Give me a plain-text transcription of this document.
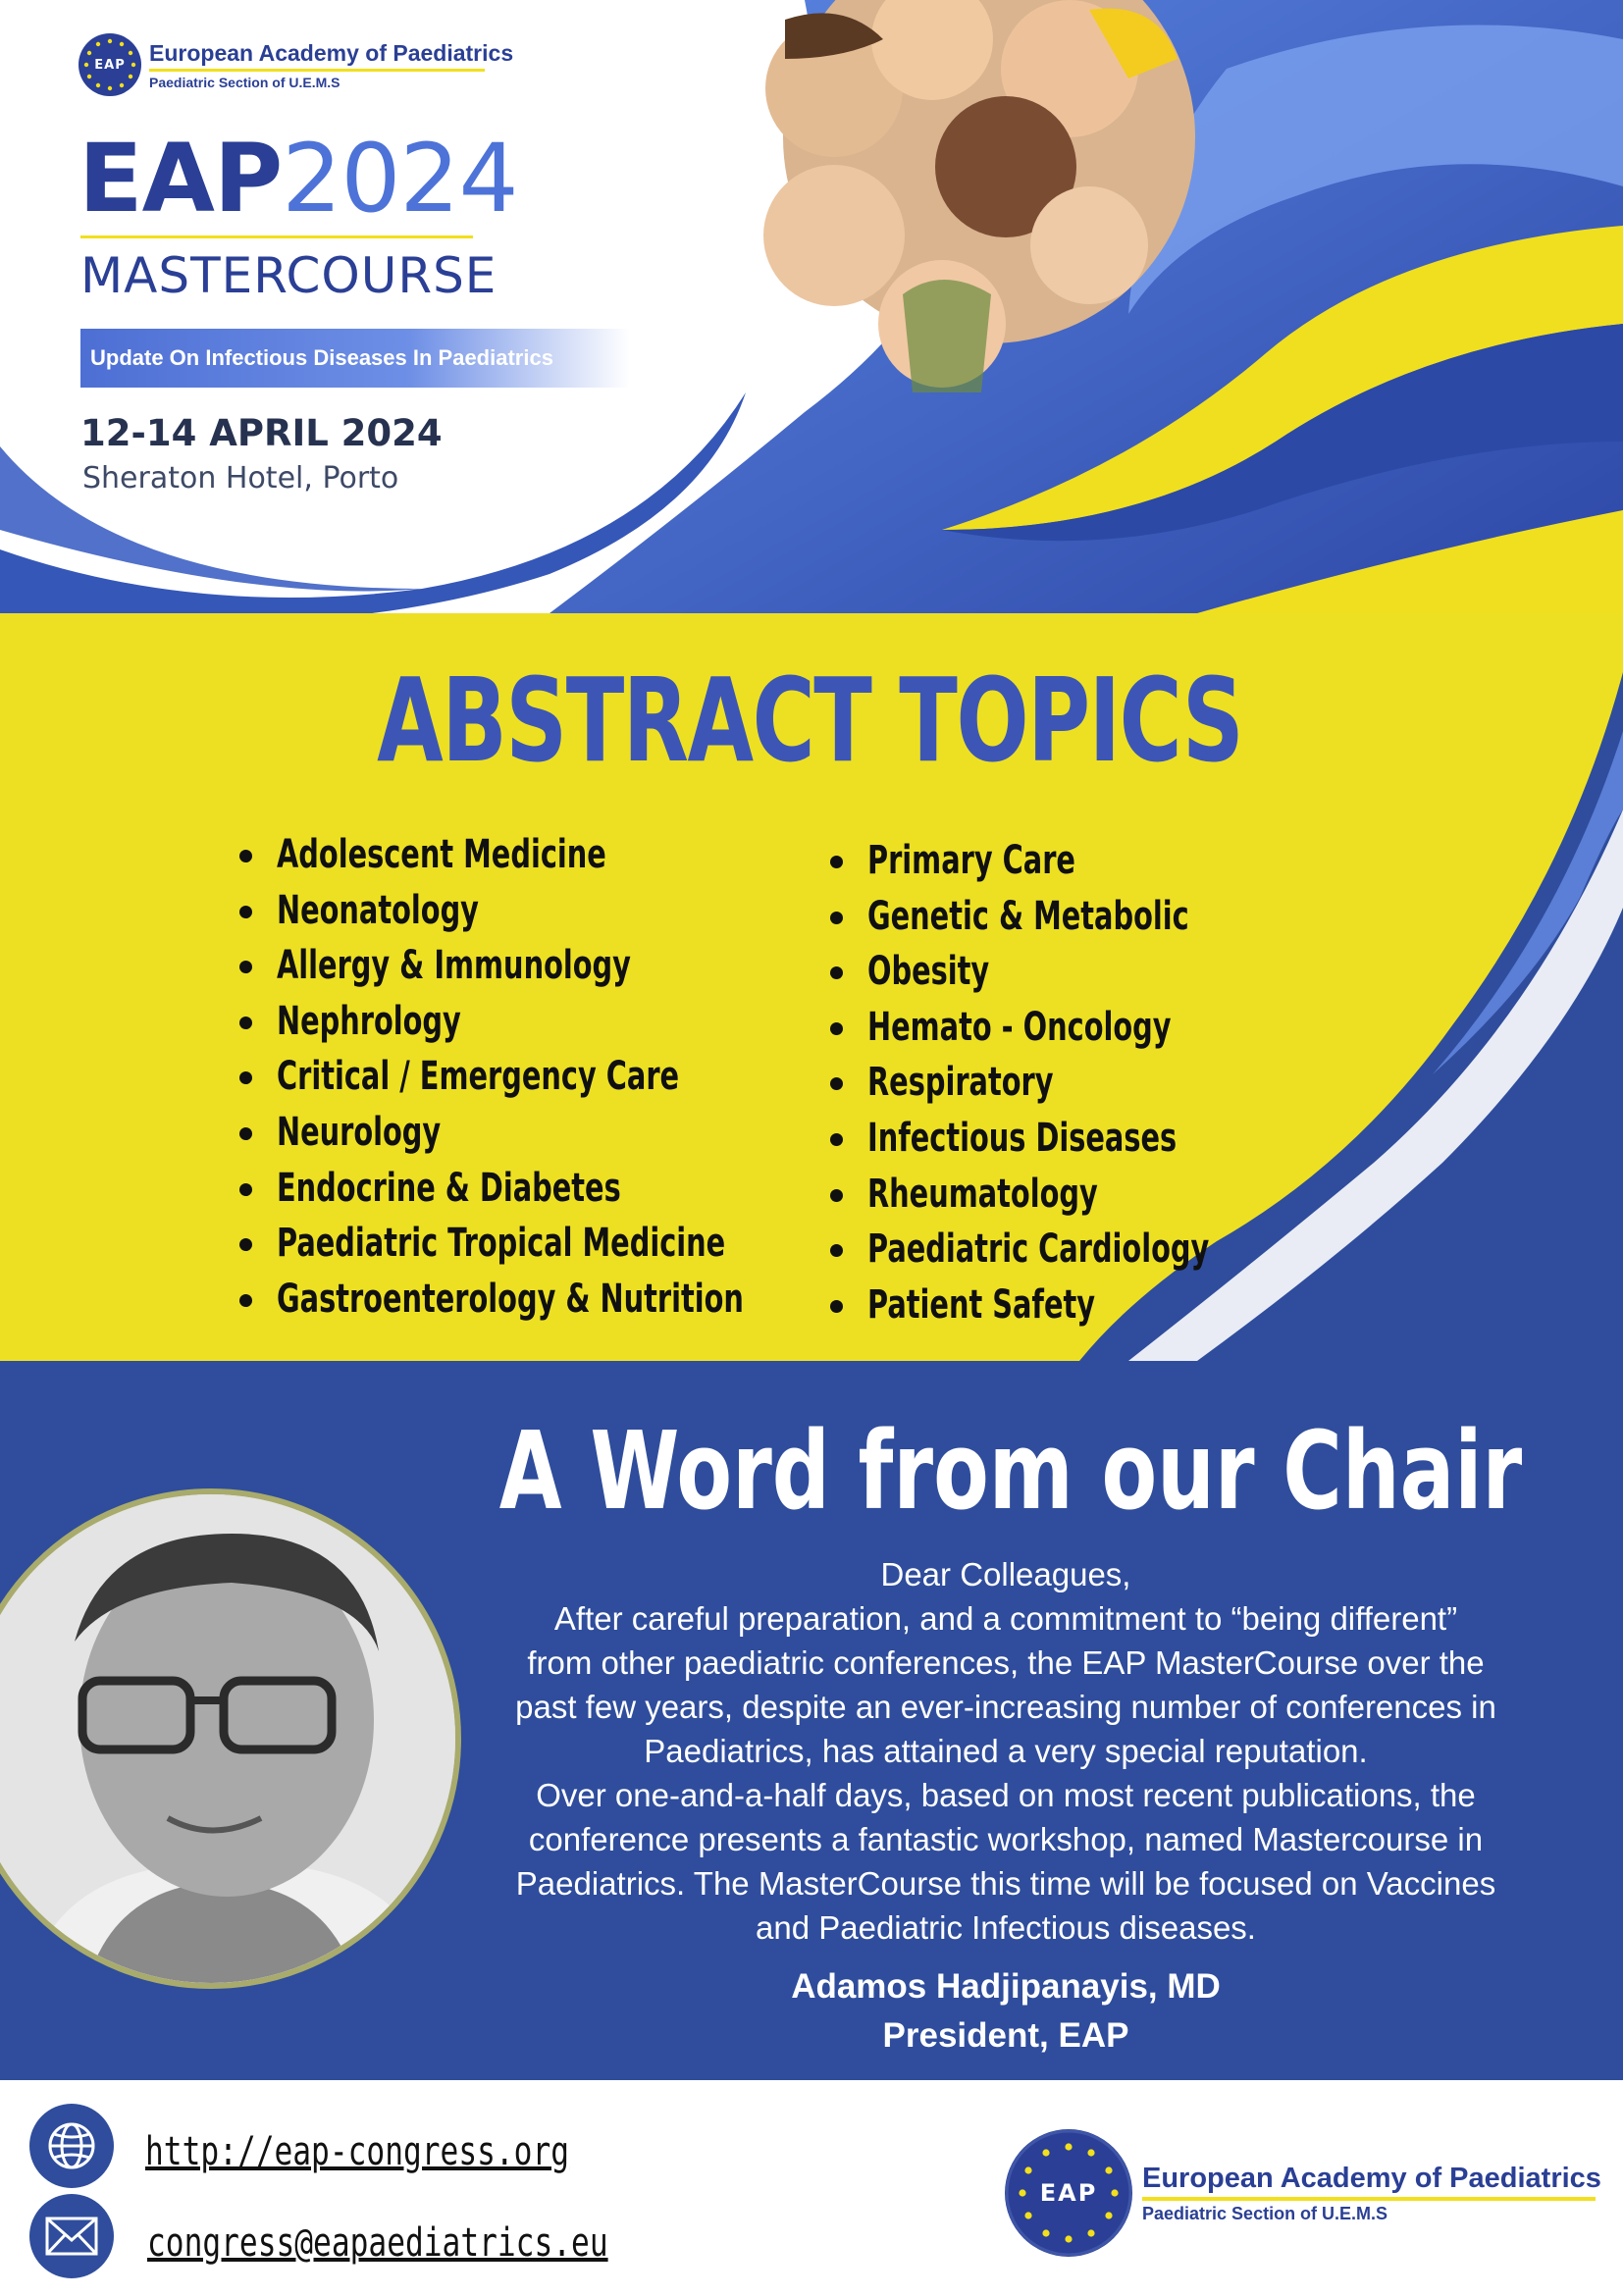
EAP European Academy of Paediatrics
Paediatric Section of U.E.M.S
EAP2024
MASTERCOURSE
Update On Infectious Diseases In Paediatrics
12-14 APRIL 2024
Sheraton Hotel, Porto
ABSTRACT TOPICS
Adolescent Medicine
Neonatology
Allergy & Immunology
Nephrology
Critical / Emergency Care
Neurology
Endocrine & Diabetes
Paediatric Tropical Medicine
Gastroenterology & Nutrition
Primary Care
Genetic & Metabolic
Obesity
Hemato - Oncology
Respiratory
Infectious Diseases
Rheumatology
Paediatric Cardiology
Patient Safety
A Word from our Chair
Dear Colleagues,
After careful preparation, and a commitment to “being different”
from other paediatric conferences, the EAP MasterCourse over the
past few years, despite an ever-increasing number of conferences in
Paediatrics, has attained a very special reputation.
Over one-and-a-half days, based on most recent publications, the
conference presents a fantastic workshop, named Mastercourse in
Paediatrics. The MasterCourse this time will be focused on Vaccines
and Paediatric Infectious diseases.
Adamos Hadjipanayis, MD
President, EAP
http://eap-congress.org
congress@eapaediatrics.eu
EAP European Academy of Paediatrics
Paediatric Section of U.E.M.S
